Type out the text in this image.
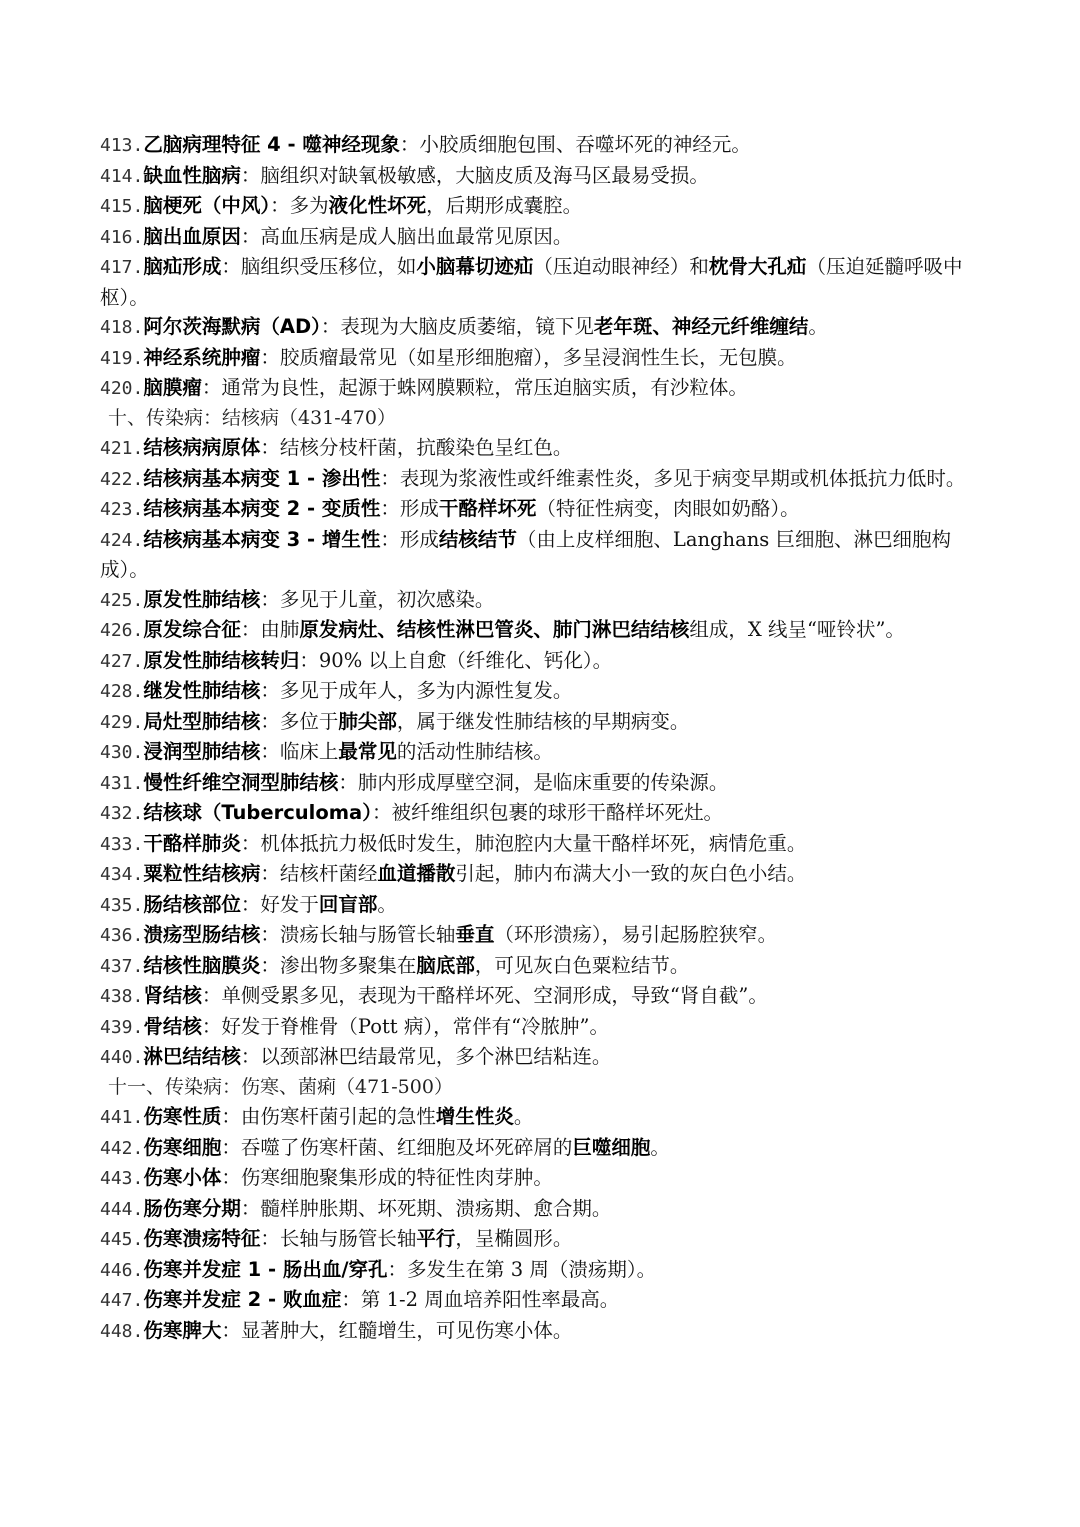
413.乙脑病理特征 4 - 噬神经现象：小胶质细胞包围、吞噬坏死的神经元。

414.缺血性脑病：脑组织对缺氧极敏感，大脑皮质及海马区最易受损。

415.脑梗死（中风）：多为液化性坏死，后期形成囊腔。

416.脑出血原因：高血压病是成人脑出血最常见原因。

417.脑疝形成：脑组织受压移位，如小脑幕切迹疝（压迫动眼神经）和枕骨大孔疝（压迫延髓呼吸中枢）。

418.阿尔茨海默病（AD）：表现为大脑皮质萎缩，镜下见老年斑、神经元纤维缠结。

419.神经系统肿瘤：胶质瘤最常见（如星形细胞瘤），多呈浸润性生长，无包膜。

420.脑膜瘤：通常为良性，起源于蛛网膜颗粒，常压迫脑实质，有沙粒体。

十、传染病：结核病（431-470）

421.结核病病原体：结核分枝杆菌，抗酸染色呈红色。

422.结核病基本病变 1 - 渗出性：表现为浆液性或纤维素性炎，多见于病变早期或机体抵抗力低时。

423.结核病基本病变 2 - 变质性：形成干酪样坏死（特征性病变，肉眼如奶酪）。

424.结核病基本病变 3 - 增生性：形成结核结节（由上皮样细胞、Langhans 巨细胞、淋巴细胞构成）。

425.原发性肺结核：多见于儿童，初次感染。

426.原发综合征：由肺原发病灶、结核性淋巴管炎、肺门淋巴结结核组成，X 线呈“哑铃状”。

427.原发性肺结核转归：90% 以上自愈（纤维化、钙化）。

428.继发性肺结核：多见于成年人，多为内源性复发。

429.局灶型肺结核：多位于肺尖部，属于继发性肺结核的早期病变。

430.浸润型肺结核：临床上最常见的活动性肺结核。

431.慢性纤维空洞型肺结核：肺内形成厚壁空洞，是临床重要的传染源。

432.结核球（Tuberculoma）：被纤维组织包裹的球形干酪样坏死灶。

433.干酪样肺炎：机体抵抗力极低时发生，肺泡腔内大量干酪样坏死，病情危重。

434.粟粒性结核病：结核杆菌经血道播散引起，肺内布满大小一致的灰白色小结。

435.肠结核部位：好发于回盲部。

436.溃疡型肠结核：溃疡长轴与肠管长轴垂直（环形溃疡），易引起肠腔狭窄。

437.结核性脑膜炎：渗出物多聚集在脑底部，可见灰白色粟粒结节。

438.肾结核：单侧受累多见，表现为干酪样坏死、空洞形成，导致“肾自截”。

439.骨结核：好发于脊椎骨（Pott 病），常伴有“冷脓肿”。

440.淋巴结结核：以颈部淋巴结最常见，多个淋巴结粘连。

十一、传染病：伤寒、菌痢（471-500）

441.伤寒性质：由伤寒杆菌引起的急性增生性炎。

442.伤寒细胞：吞噬了伤寒杆菌、红细胞及坏死碎屑的巨噬细胞。

443.伤寒小体：伤寒细胞聚集形成的特征性肉芽肿。

444.肠伤寒分期：髓样肿胀期、坏死期、溃疡期、愈合期。

445.伤寒溃疡特征：长轴与肠管长轴平行，呈椭圆形。

446.伤寒并发症 1 - 肠出血/穿孔：多发生在第 3 周（溃疡期）。

447.伤寒并发症 2 - 败血症：第 1-2 周血培养阳性率最高。

448.伤寒脾大：显著肿大，红髓增生，可见伤寒小体。
